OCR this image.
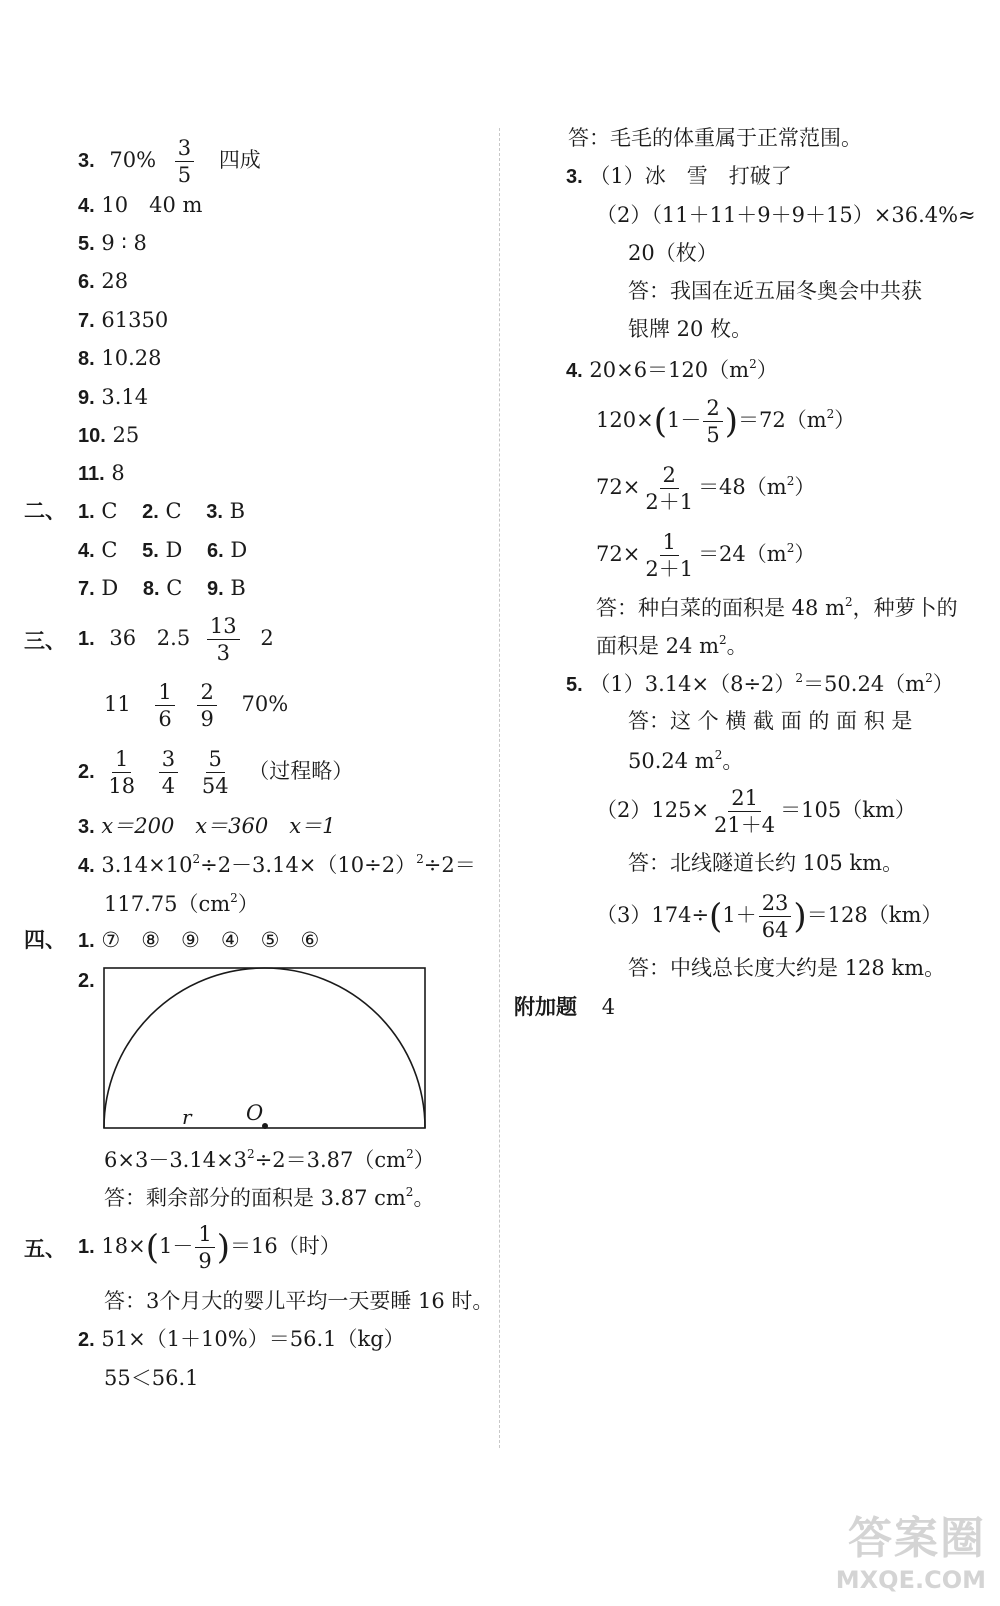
3. $70\% \frac{3}{5}$ 四成
4. 10　40 m
5. 9 ∶ 8
6. 28
7. 61350
8. 10.28
9. 3.14
10. 25
11. 8
二、 1. C 2. C 3. B
4. C 5. D 6. D
7. D 8. C 9. B
三、 1. 36 $2.5 \frac{13}{3} 2$
$11 \frac{1}{6}$
$\frac{2}{9} 70\%$
2. $\frac{1}{18}$
$\frac{3}{4}$
$\frac{5}{54}$ （过程略）
3. x＝200　x＝360　x＝1
4. $3.14\times 10^2\div 2-3.14\times(10\div 2)^2\div 2=$
$117.75(cm^2)$
四、 1. ⑦　⑧　⑨　④　⑤　⑥
2.
r	O
$6\times 3-3.14\times 3^2\div 2=3.87(cm^2)$
答：剩余部分的面积是 3.87 $cm^2$。
五、 1. $18\times(1- \frac{1}{9} )=16$（时）
答：3个月大的婴儿平均一天要睡 16 时。
2. 51×（1＋10%）＝56.1（kg）
55＜56.1
答：毛毛的体重属于正常范围。
3. （1）冰　雪　打破了
（2）（11＋11＋9＋9＋15）×36.4%≈
20（枚）
答：我国在近五届冬奥会中共获
银牌 20 枚。
4. $20\times 6=120(m^2)$
$120\times(1- \frac{2}{5} )=72(m^2)$
$72\times \frac{2}{2+1} =48(m^2)$
$72\times \frac{1}{2+1} =24(m^2)$
答：种白菜的面积是 48 $m^2$，种萝卜的
面积是 24 $m^2$。
5. $(1)3.14\times(8\div 2)^2=50.24(m^2)$
答：这 个 横 截 面 的 面 积 是
50.24 $m^2$。
$(2)125\times \frac{21}{21+4} =105(km)$
答：北线隧道长约 105 km。
$(3)174\div(1+ \frac{23}{64} )=128(km)$
答：中线总长度大约是 128 km。
附加题 4
答案圈
MXQE.COM
